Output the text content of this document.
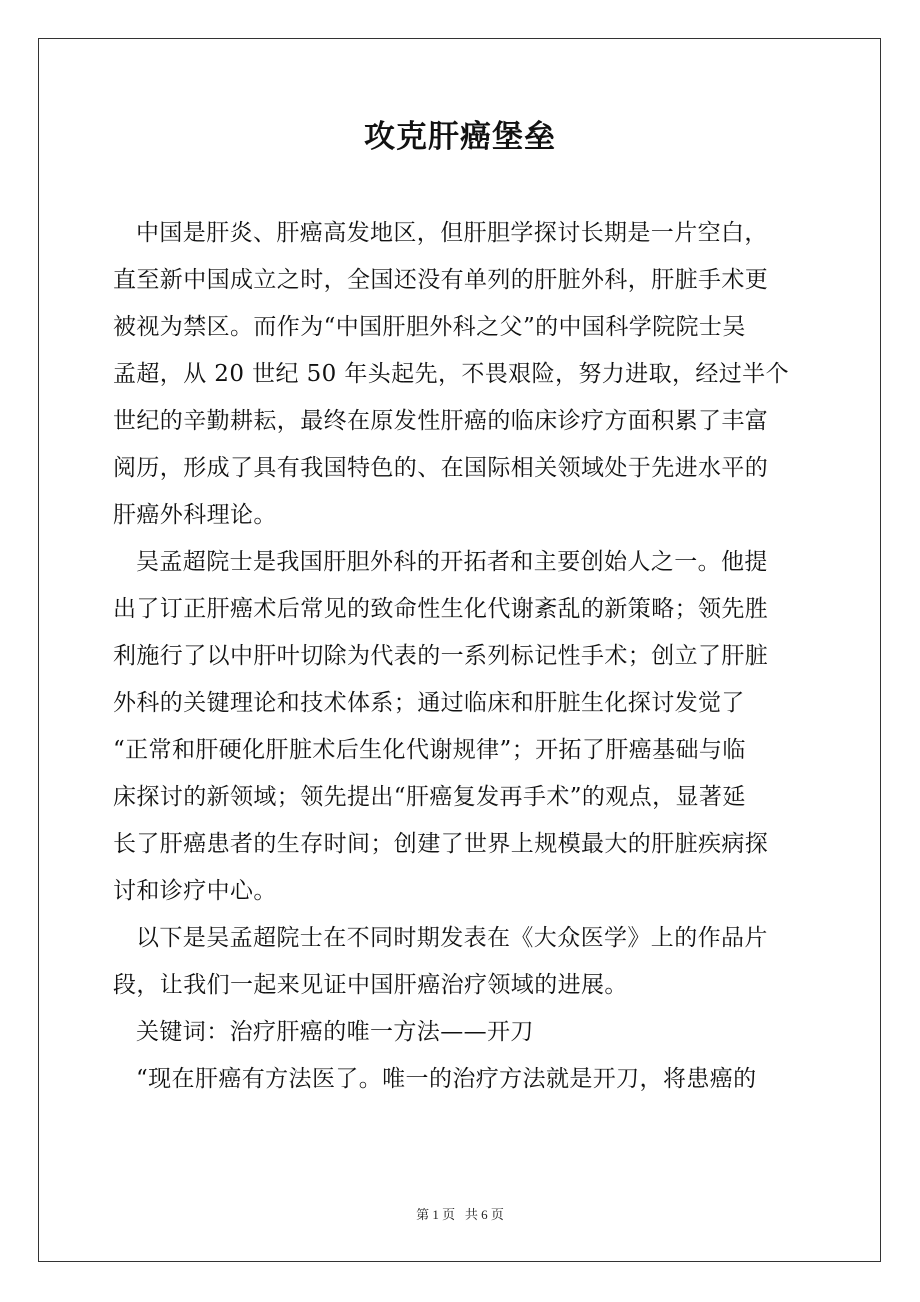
攻克肝癌堡垒
中国是肝炎、肝癌高发地区，但肝胆学探讨长期是一片空白，
直至新中国成立之时，全国还没有单列的肝脏外科，肝脏手术更
被视为禁区。而作为“中国肝胆外科之父”的中国科学院院士吴
孟超，从 20 世纪 50 年头起先，不畏艰险，努力进取，经过半个
世纪的辛勤耕耘，最终在原发性肝癌的临床诊疗方面积累了丰富
阅历，形成了具有我国特色的、在国际相关领域处于先进水平的
肝癌外科理论。
吴孟超院士是我国肝胆外科的开拓者和主要创始人之一。他提
出了订正肝癌术后常见的致命性生化代谢紊乱的新策略；领先胜
利施行了以中肝叶切除为代表的一系列标记性手术；创立了肝脏
外科的关键理论和技术体系；通过临床和肝脏生化探讨发觉了
“正常和肝硬化肝脏术后生化代谢规律”；开拓了肝癌基础与临
床探讨的新领域；领先提出“肝癌复发再手术”的观点，显著延
长了肝癌患者的生存时间；创建了世界上规模最大的肝脏疾病探
讨和诊疗中心。
以下是吴孟超院士在不同时期发表在《大众医学》上的作品片
段，让我们一起来见证中国肝癌治疗领域的进展。
关键词：治疗肝癌的唯一方法——开刀
“现在肝癌有方法医了。唯一的治疗方法就是开刀，将患癌的
第 1 页 共 6 页
